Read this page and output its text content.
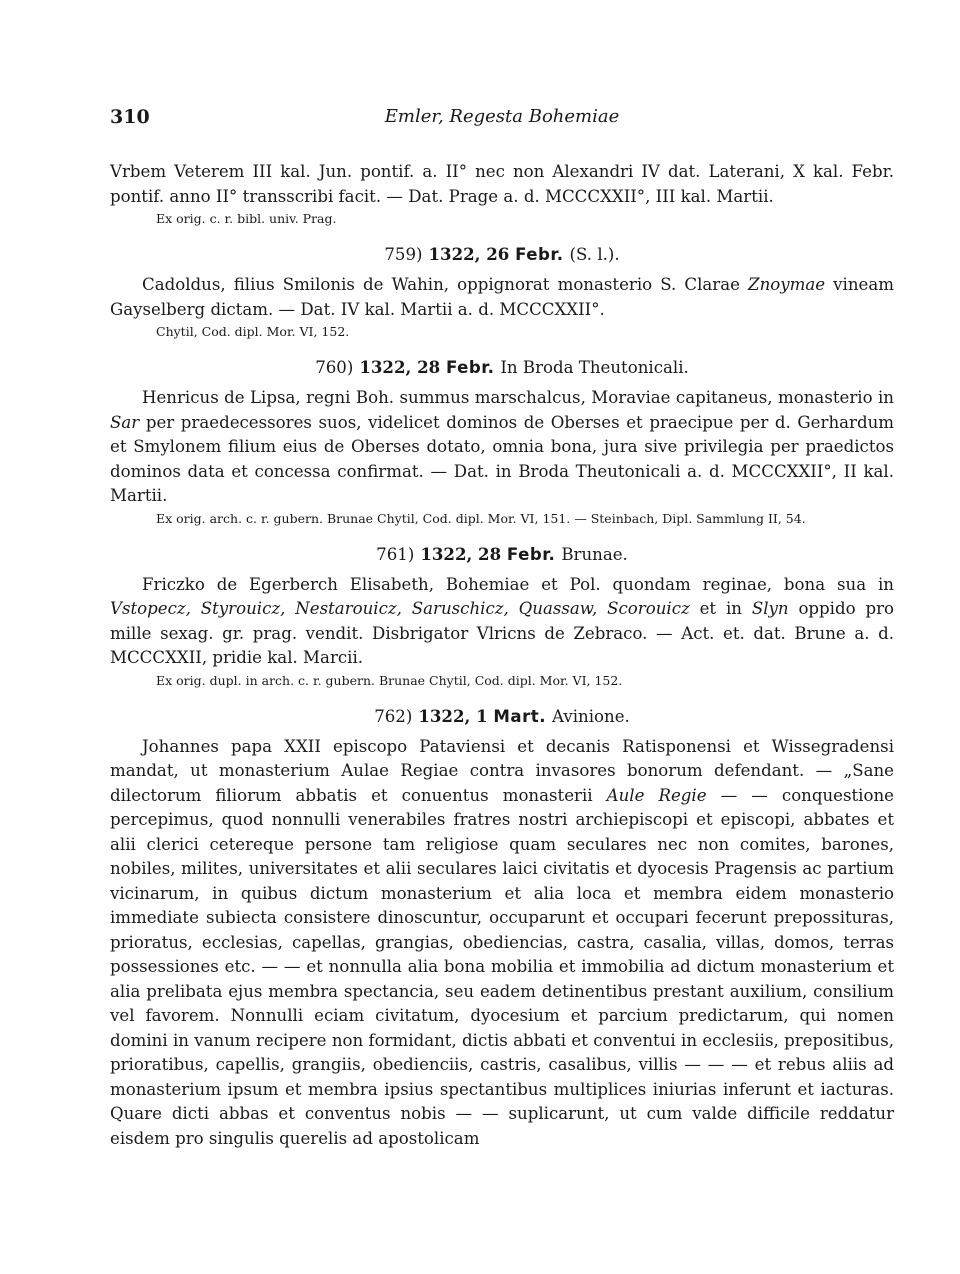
310	Emler, Regesta Bohemiae

Vrbem Veterem III kal. Jun. pontif. a. II° nec non Alexandri IV dat. Laterani, X kal. Febr. pontif. anno II° transscribi facit. — Dat. Prage a. d. MCCCXXII°, III kal. Martii.

Ex orig. c. r. bibl. univ. Prag.

759) 1322, 26 Febr. (S. l.).

Cadoldus, filius Smilonis de Wahin, oppignorat monasterio S. Clarae Znoymae vineam Gayselberg dictam. — Dat. IV kal. Martii a. d. MCCCXXII°.

Chytil, Cod. dipl. Mor. VI, 152.

760) 1322, 28 Febr. In Broda Theutonicali.

Henricus de Lipsa, regni Boh. summus marschalcus, Moraviae capitaneus, monasterio in Sar per praedecessores suos, videlicet dominos de Oberses et praecipue per d. Gerhardum et Smylonem filium eius de Oberses dotato, omnia bona, jura sive privilegia per praedictos dominos data et concessa confirmat. — Dat. in Broda Theutonicali a. d. MCCCXXII°, II kal. Martii.

Ex orig. arch. c. r. gubern. Brunae Chytil, Cod. dipl. Mor. VI, 151. — Steinbach, Dipl. Sammlung II, 54.

761) 1322, 28 Febr. Brunae.

Friczko de Egerberch Elisabeth, Bohemiae et Pol. quondam reginae, bona sua in Vstopecz, Styrouicz, Nestarouicz, Saruschicz, Quassaw, Scorouicz et in Slyn oppido pro mille sexag. gr. prag. vendit. Disbrigator Vlricns de Zebraco. — Act. et. dat. Brune a. d. MCCCXXII, pridie kal. Marcii.

Ex orig. dupl. in arch. c. r. gubern. Brunae Chytil, Cod. dipl. Mor. VI, 152.

762) 1322, 1 Mart. Avinione.

Johannes papa XXII episcopo Pataviensi et decanis Ratisponensi et Wissegradensi mandat, ut monasterium Aulae Regiae contra invasores bonorum defendant. — „Sane dilectorum filiorum abbatis et conuentus monasterii Aule Regie — — conquestione percepimus, quod nonnulli venerabiles fratres nostri archiepiscopi et episcopi, abbates et alii clerici cetereque persone tam religiose quam seculares nec non comites, barones, nobiles, milites, universitates et alii seculares laici civitatis et dyocesis Pragensis ac partium vicinarum, in quibus dictum monasterium et alia loca et membra eidem monasterio immediate subiecta consistere dinoscuntur, occuparunt et occupari fecerunt prepossituras, prioratus, ecclesias, capellas, grangias, obediencias, castra, casalia, villas, domos, terras possessiones etc. — — et nonnulla alia bona mobilia et immobilia ad dictum monasterium et alia prelibata ejus membra spectancia, seu eadem detinentibus prestant auxilium, consilium vel favorem. Nonnulli eciam civitatum, dyocesium et parcium predictarum, qui nomen domini in vanum recipere non formidant, dictis abbati et conventui in ecclesiis, prepositibus, prioratibus, capellis, grangiis, obedienciis, castris, casalibus, villis — — — et rebus aliis ad monasterium ipsum et membra ipsius spectantibus multiplices iniurias inferunt et iacturas. Quare dicti abbas et conventus nobis — — suplicarunt, ut cum valde difficile reddatur eisdem pro singulis querelis ad apostolicam
